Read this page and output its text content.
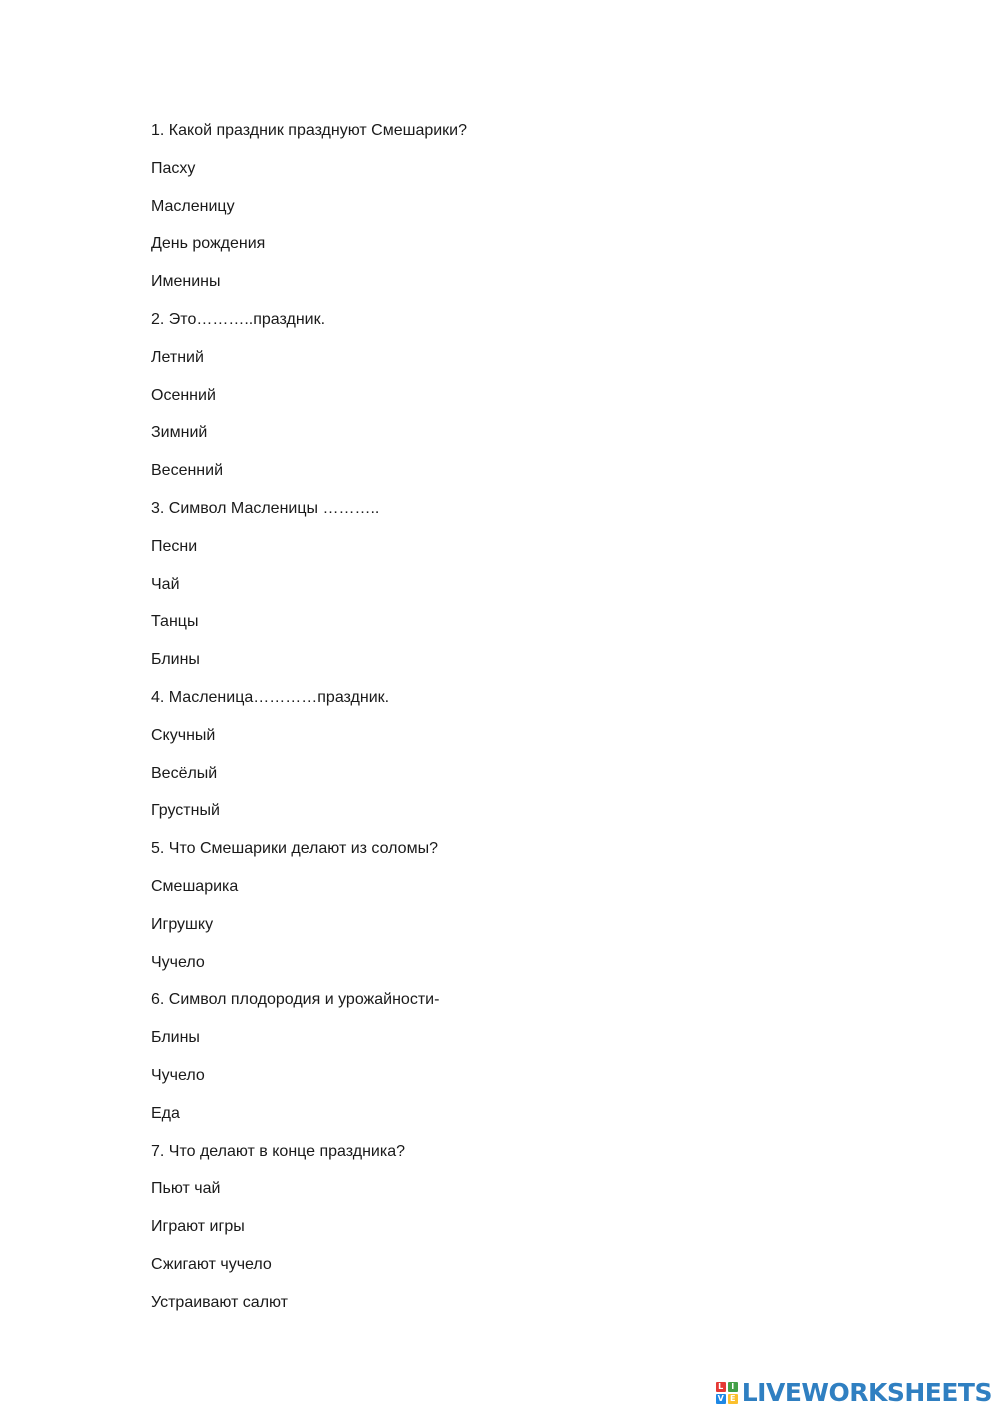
1. Какой праздник празднуют Смешарики?
Пасху
Масленицу
День рождения
Именины
2. Это………..праздник.
Летний
Осенний
Зимний
Весенний
3. Символ Масленицы ………..
Песни
Чай
Танцы
Блины
4. Масленица…………праздник.
Скучный
Весёлый
Грустный
5. Что Смешарики делают из соломы?
Смешарика
Игрушку
Чучело
6. Символ плодородия и урожайности-
Блины
Чучело
Еда
7. Что делают в конце праздника?
Пьют чай
Играют игры
Сжигают чучело
Устраивают салют
L I
V E LIVEWORKSHEETS
